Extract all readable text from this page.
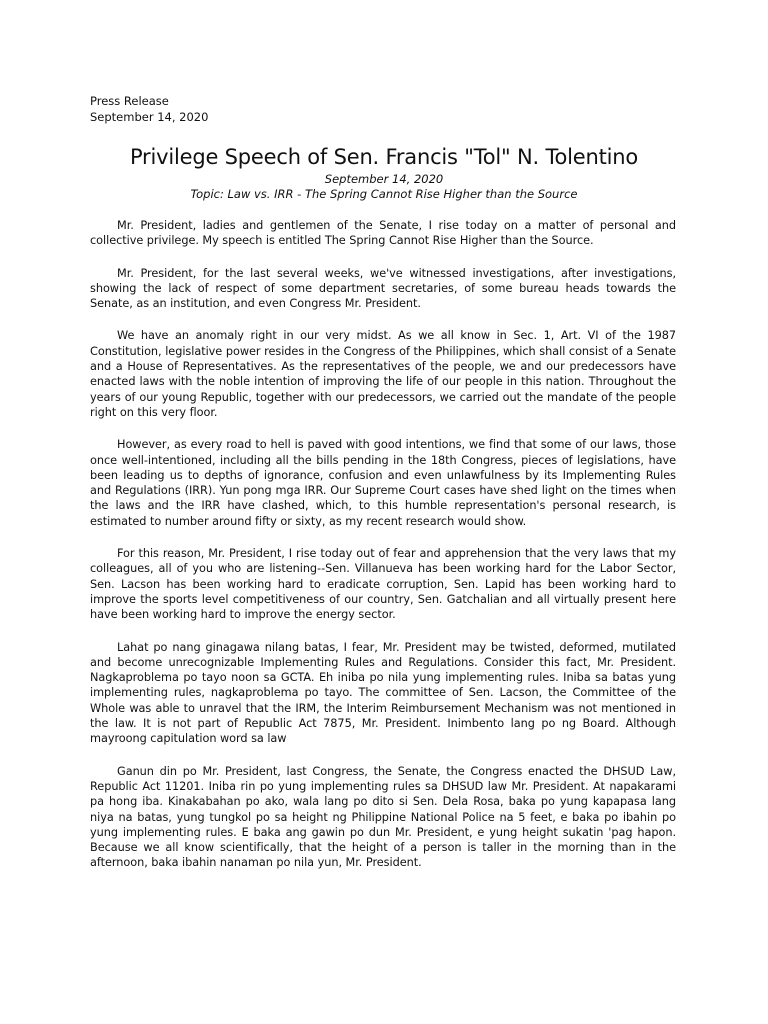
Press Release
September 14, 2020
Privilege Speech of Sen. Francis "Tol" N. Tolentino
September 14, 2020
Topic: Law vs. IRR - The Spring Cannot Rise Higher than the Source

Mr. President, ladies and gentlemen of the Senate, I rise today on a matter of personal and collective privilege. My speech is entitled The Spring Cannot Rise Higher than the Source.

Mr. President, for the last several weeks, we've witnessed investigations, after investigations, showing the lack of respect of some department secretaries, of some bureau heads towards the Senate, as an institution, and even Congress Mr. President.

We have an anomaly right in our very midst. As we all know in Sec. 1, Art. VI of the 1987 Constitution, legislative power resides in the Congress of the Philippines, which shall consist of a Senate and a House of Representatives. As the representatives of the people, we and our predecessors have enacted laws with the noble intention of improving the life of our people in this nation. Throughout the years of our young Republic, together with our predecessors, we carried out the mandate of the people right on this very floor.

However, as every road to hell is paved with good intentions, we find that some of our laws, those once well-intentioned, including all the bills pending in the 18th Congress, pieces of legislations, have been leading us to depths of ignorance, confusion and even unlawfulness by its Implementing Rules and Regulations (IRR). Yun pong mga IRR. Our Supreme Court cases have shed light on the times when the laws and the IRR have clashed, which, to this humble representation's personal research, is estimated to number around fifty or sixty, as my recent research would show.

For this reason, Mr. President, I rise today out of fear and apprehension that the very laws that my colleagues, all of you who are listening--Sen. Villanueva has been working hard for the Labor Sector, Sen. Lacson has been working hard to eradicate corruption, Sen. Lapid has been working hard to improve the sports level competitiveness of our country, Sen. Gatchalian and all virtually present here have been working hard to improve the energy sector.

Lahat po nang ginagawa nilang batas, I fear, Mr. President may be twisted, deformed, mutilated and become unrecognizable Implementing Rules and Regulations. Consider this fact, Mr. President. Nagkaproblema po tayo noon sa GCTA. Eh iniba po nila yung implementing rules. Iniba sa batas yung implementing rules, nagkaproblema po tayo. The committee of Sen. Lacson, the Committee of the Whole was able to unravel that the IRM, the Interim Reimbursement Mechanism was not mentioned in the law. It is not part of Republic Act 7875, Mr. President. Inimbento lang po ng Board. Although mayroong capitulation word sa law

Ganun din po Mr. President, last Congress, the Senate, the Congress enacted the DHSUD Law, Republic Act 11201. Iniba rin po yung implementing rules sa DHSUD law Mr. President. At napakarami pa hong iba. Kinakabahan po ako, wala lang po dito si Sen. Dela Rosa, baka po yung kapapasa lang niya na batas, yung tungkol po sa height ng Philippine National Police na 5 feet, e baka po ibahin po yung implementing rules. E baka ang gawin po dun Mr. President, e yung height sukatin 'pag hapon. Because we all know scientifically, that the height of a person is taller in the morning than in the afternoon, baka ibahin nanaman po nila yun, Mr. President.
